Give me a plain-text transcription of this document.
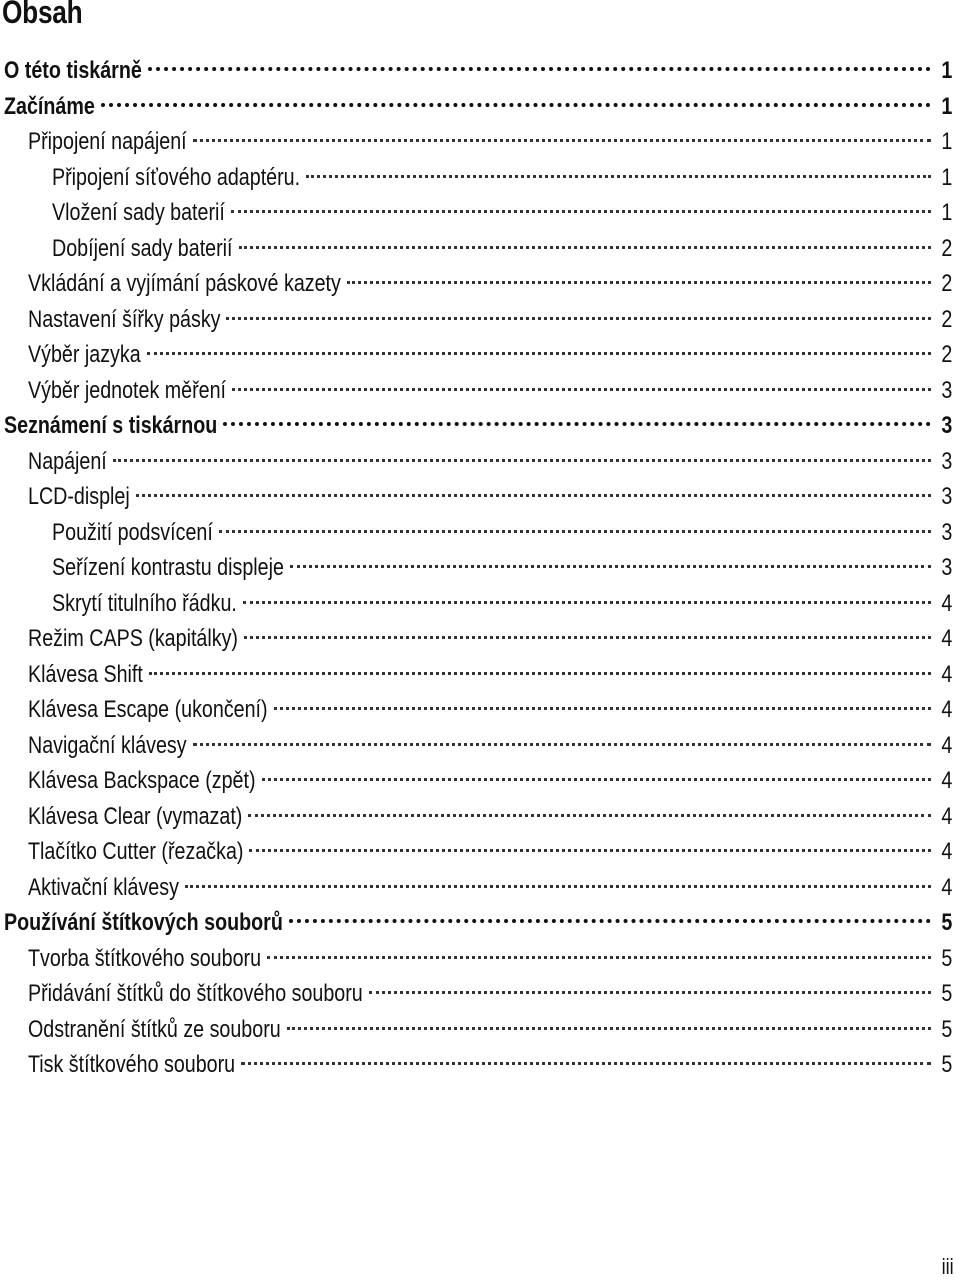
Obsah
O této tiskárně	1
Začínáme	1
Připojení napájení	1
Připojení síťového adaptéru.	1
Vložení sady baterií	1
Dobíjení sady baterií	2
Vkládání a vyjímání páskové kazety	2
Nastavení šířky pásky	2
Výběr jazyka	2
Výběr jednotek měření	3
Seznámení s tiskárnou	3
Napájení	3
LCD-displej	3
Použití podsvícení	3
Seřízení kontrastu displeje	3
Skrytí titulního řádku.	4
Režim CAPS (kapitálky)	4
Klávesa Shift	4
Klávesa Escape (ukončení)	4
Navigační klávesy	4
Klávesa Backspace (zpět)	4
Klávesa Clear (vymazat)	4
Tlačítko Cutter (řezačka)	4
Aktivační klávesy	4
Používání štítkových souborů	5
Tvorba štítkového souboru	5
Přidávání štítků do štítkového souboru	5
Odstranění štítků ze souboru	5
Tisk štítkového souboru	5
iii
